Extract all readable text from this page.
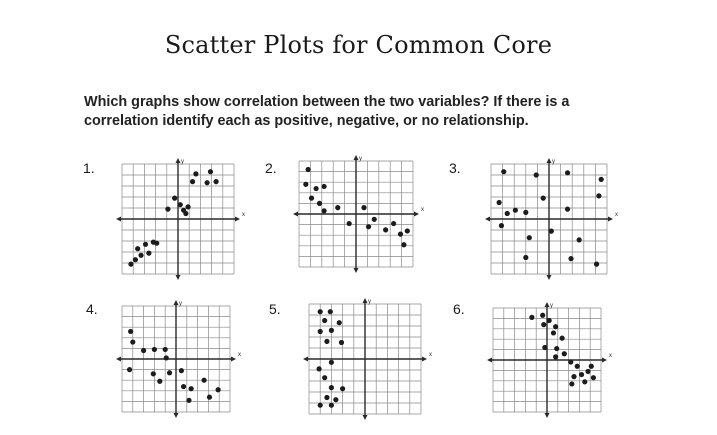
Scatter Plots for Common Core
Which graphs show correlation between the two variables? If there is a
correlation identify each as positive, negative, or no relationship.
1.	2.	3.
4.	5.	6.
x
y
x
y
x
y
x
y
x
y
x
y
